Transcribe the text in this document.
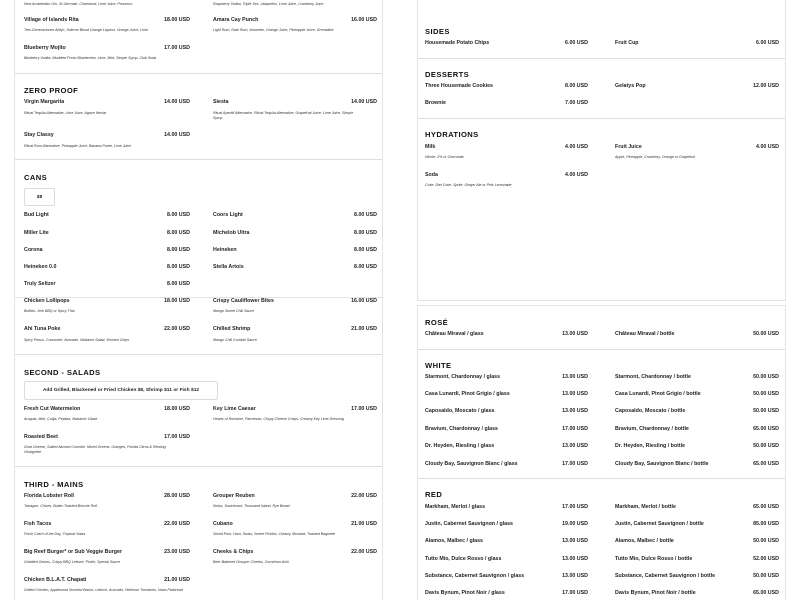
New Amsterdam Gin, St-Germain, Chambord, Lime Juice, Prosecco	Raspberry Vodka, Triple Sec, Jalapeños, Lime Juice, Cranberry Juice
Village of Islands Rita	18.00 USD
Tres Generaciones Añejo, Solerno Blood Orange Liqueur, Orange Juice, Lime
Amara Cay Punch	16.00 USD
Light Rum, Dark Rum, Amaretto, Orange Juice, Pineapple Juice, Grenadine
Blueberry Mojito	17.00 USD
Blueberry Vodka, Muddled Fresh Blueberries, Lime, Mint, Simple Syrup, Club Soda
ZERO PROOF
Virgin Margarita	14.00 USD
Ritual Tequila Alternative, Lime Juice, Agave Nectar
Siesta	14.00 USD
Ritual Aperitif Alternative, Ritual Tequila Alternative, Grapefruit Juice, Lime Juice, Simple Syrup
Stay Classy	14.00 USD
Ritual Rum Alternative, Pineapple Juice, Banana Purée, Lime Juice
CANS
$8
Bud Light	8.00 USD	Coors Light	8.00 USD
Miller Lite	8.00 USD	Michelob Ultra	8.00 USD
Corona	8.00 USD	Heineken	8.00 USD
Heineken 0.0	8.00 USD	Stella Artois	8.00 USD
Truly Seltzer	8.00 USD
Chicken Lollipops	18.00 USD
Buffalo, Jerk BBQ or Spicy Thai
Crispy Cauliflower Bites	16.00 USD
Mango Sweet Chili Sauce
Ahi Tuna Poke	22.00 USD
Spicy Ponzu, Cucumber, Avocado, Wakame Salad, Wonton Chips
Chilled Shrimp	21.00 USD
Mango Chili Cocktail Sauce
SECOND - SALADS
Add Grilled, Blackened or Fried Chicken $8, Shrimp $11 or Fish $12
Fresh Cut Watermelon	18.00 USD
Arugula, Mint, Cotija, Pepitas, Balsamic Glaze
Key Lime Caesar	17.00 USD
Hearts of Romaine, Parmesan, Crispy Cheese Crisps, Creamy Key Lime Dressing
Roasted Beet	17.00 USD
Goat Cheese, Salted Almond Crumble, Mixed Greens, Oranges, Florida Citrus & Riesling Vinaigrette
THIRD - MAINS
Florida Lobster Roll	28.00 USD
Tarragon, Chives, Butter-Toasted Brioche Roll
Grouper Reuben	22.00 USD
Swiss, Sauerkraut, Thousand Island, Rye Bread
Fish Tacos	22.00 USD
Fresh Catch of the Day, Tropical Salsa
Cubano	21.00 USD
Sliced Pork, Ham, Swiss, Sweet Pickles, Creamy Mustard, Toasted Baguette
Big Reef Burger* or Sub Veggie Burger	23.00 USD
Griddled Onions, Crispy BBQ Lettuce, Pickle, Special Sauce
Cheeks & Chips	22.00 USD
Beer-Battered Grouper Cheeks, Cornichon Aioli
Chicken B.L.A.T. Chapati	21.00 USD
Grilled Chicken, Applewood Smoked Bacon, Lettuce, Avocado, Heirloom Tomatoes, Naan Flatbread
SIDES
Housemade Potato Chips	6.00 USD	Fruit Cup	6.00 USD
DESSERTS
Three Housemade Cookies	8.00 USD	Gelatys Pop	12.00 USD
Brownie	7.00 USD
HYDRATIONS
Milk	4.00 USD
Whole, 2% or Chocolate
Fruit Juice	4.00 USD
Apple, Pineapple, Cranberry, Orange or Grapefruit
Soda	4.00 USD
Coke, Diet Coke, Sprite, Ginger Ale or Pink Lemonade
ROSÉ
Château Miraval / glass	13.00 USD	Château Miraval / bottle	50.00 USD
WHITE
Starmont, Chardonnay / glass	13.00 USD	Starmont, Chardonnay / bottle	50.00 USD
Casa Lunardi, Pinot Grigio / glass	13.00 USD	Casa Lunardi, Pinot Grigio / bottle	50.00 USD
Caposaldo, Moscato / glass	13.00 USD	Caposaldo, Moscato / bottle	50.00 USD
Bravium, Chardonnay / glass	17.00 USD	Bravium, Chardonnay / bottle	65.00 USD
Dr. Heyden, Riesling / glass	13.00 USD	Dr. Heyden, Riesling / bottle	50.00 USD
Cloudy Bay, Sauvignon Blanc / glass	17.00 USD	Cloudy Bay, Sauvignon Blanc / bottle	65.00 USD
RED
Markham, Merlot / glass	17.00 USD	Markham, Merlot / bottle	65.00 USD
Justin, Cabernet Sauvignon / glass	19.00 USD	Justin, Cabernet Sauvignon / bottle	85.00 USD
Alamos, Malbec / glass	13.00 USD	Alamos, Malbec / bottle	50.00 USD
Tutto Mio, Dulce Rosso / glass	13.00 USD	Tutto Mio, Dulce Rosso / bottle	52.00 USD
Substance, Cabernet Sauvignon / glass	13.00 USD	Substance, Cabernet Sauvignon / bottle	50.00 USD
Davis Bynum, Pinot Noir / glass	17.00 USD	Davis Bynum, Pinot Noir / bottle	65.00 USD
